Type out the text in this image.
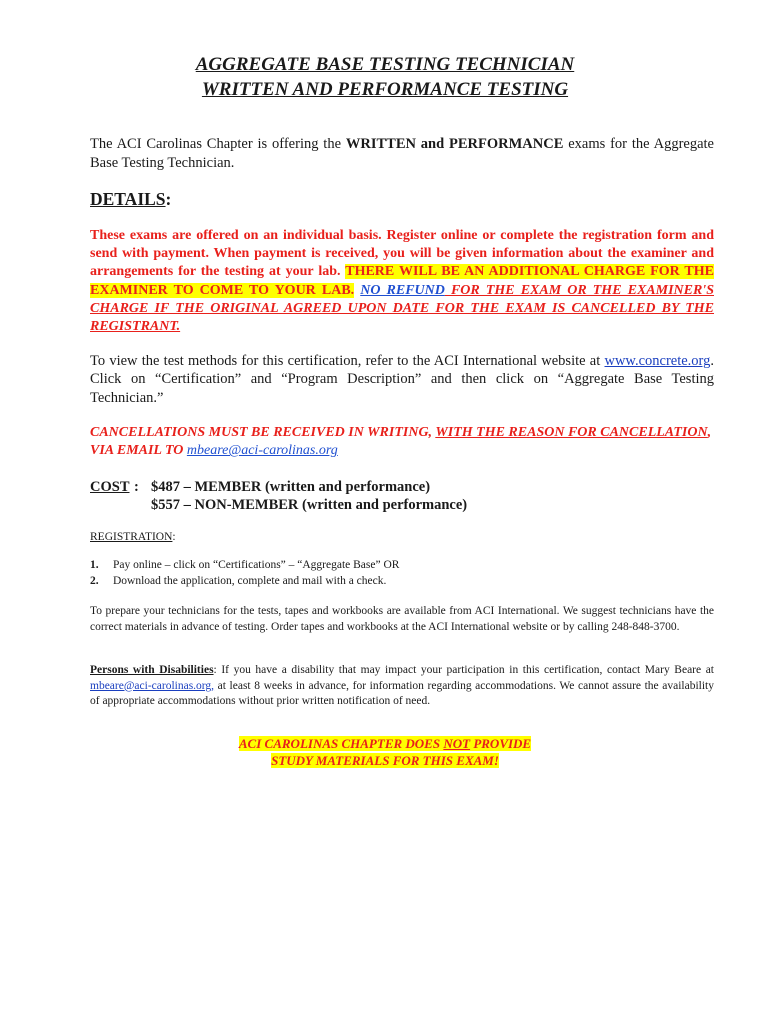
AGGREGATE BASE TESTING TECHNICIAN
WRITTEN AND PERFORMANCE TESTING
The ACI Carolinas Chapter is offering the WRITTEN and PERFORMANCE exams for the Aggregate Base Testing Technician.
DETAILS:
These exams are offered on an individual basis. Register online or complete the registration form and send with payment. When payment is received, you will be given information about the examiner and arrangements for the testing at your lab. THERE WILL BE AN ADDITIONAL CHARGE FOR THE EXAMINER TO COME TO YOUR LAB. NO REFUND FOR THE EXAM OR THE EXAMINER'S CHARGE IF THE ORIGINAL AGREED UPON DATE FOR THE EXAM IS CANCELLED BY THE REGISTRANT.
To view the test methods for this certification, refer to the ACI International website at www.concrete.org. Click on “Certification” and “Program Description” and then click on “Aggregate Base Testing Technician.”
CANCELLATIONS MUST BE RECEIVED IN WRITING, WITH THE REASON FOR CANCELLATION, VIA EMAIL TO mbeare@aci-carolinas.org
COST : $487 – MEMBER (written and performance)
$557 – NON-MEMBER (written and performance)
REGISTRATION:
1. Pay online – click on “Certifications” – “Aggregate Base” OR
2. Download the application, complete and mail with a check.
To prepare your technicians for the tests, tapes and workbooks are available from ACI International. We suggest technicians have the correct materials in advance of testing. Order tapes and workbooks at the ACI International website or by calling 248-848-3700.
Persons with Disabilities: If you have a disability that may impact your participation in this certification, contact Mary Beare at mbeare@aci-carolinas.org, at least 8 weeks in advance, for information regarding accommodations. We cannot assure the availability of appropriate accommodations without prior written notification of need.
ACI CAROLINAS CHAPTER DOES NOT PROVIDE
STUDY MATERIALS FOR THIS EXAM!
